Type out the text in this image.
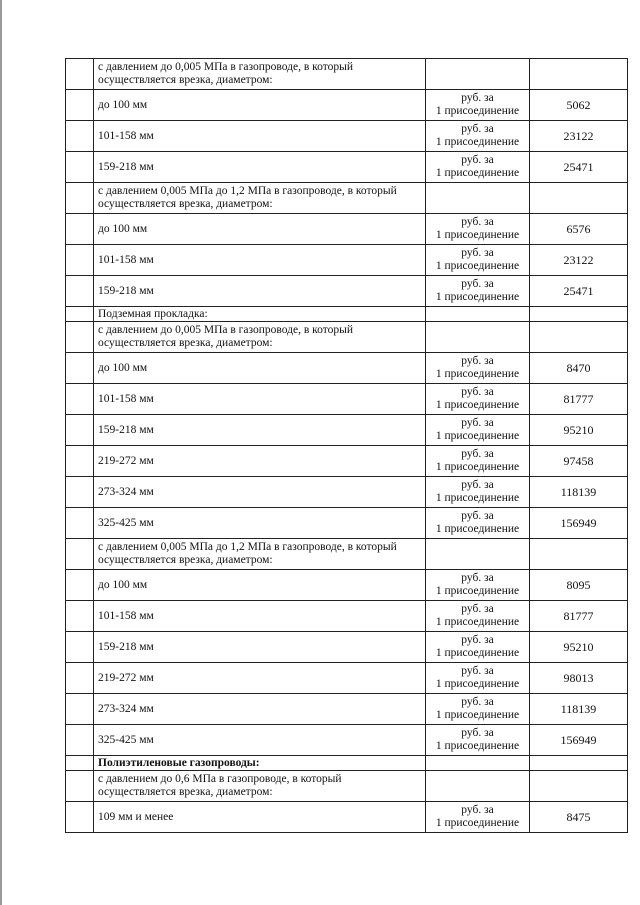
	с давлением до 0,005 МПа в газопроводе, в который осуществляется врезка, диаметром:		
	до 100 мм	руб. за
1 присоединение	5062
	101-158 мм	руб. за
1 присоединение	23122
	159-218 мм	руб. за
1 присоединение	25471
	с давлением 0,005 МПа до 1,2 МПа в газопроводе, в который осуществляется врезка, диаметром:		
	до 100 мм	руб. за
1 присоединение	6576
	101-158 мм	руб. за
1 присоединение	23122
	159-218 мм	руб. за
1 присоединение	25471
	Подземная прокладка:		
	с давлением до 0,005 МПа в газопроводе, в который осуществляется врезка, диаметром:		
	до 100 мм	руб. за
1 присоединение	8470
	101-158 мм	руб. за
1 присоединение	81777
	159-218 мм	руб. за
1 присоединение	95210
	219-272 мм	руб. за
1 присоединение	97458
	273-324 мм	руб. за
1 присоединение	118139
	325-425 мм	руб. за
1 присоединение	156949
	с давлением 0,005 МПа до 1,2 МПа в газопроводе, в который осуществляется врезка, диаметром:		
	до 100 мм	руб. за
1 присоединение	8095
	101-158 мм	руб. за
1 присоединение	81777
	159-218 мм	руб. за
1 присоединение	95210
	219-272 мм	руб. за
1 присоединение	98013
	273-324 мм	руб. за
1 присоединение	118139
	325-425 мм	руб. за
1 присоединение	156949
	Полиэтиленовые газопроводы:		
	с давлением до 0,6 МПа в газопроводе, в который осуществляется врезка, диаметром:		
	109 мм и менее	руб. за
1 присоединение	8475
